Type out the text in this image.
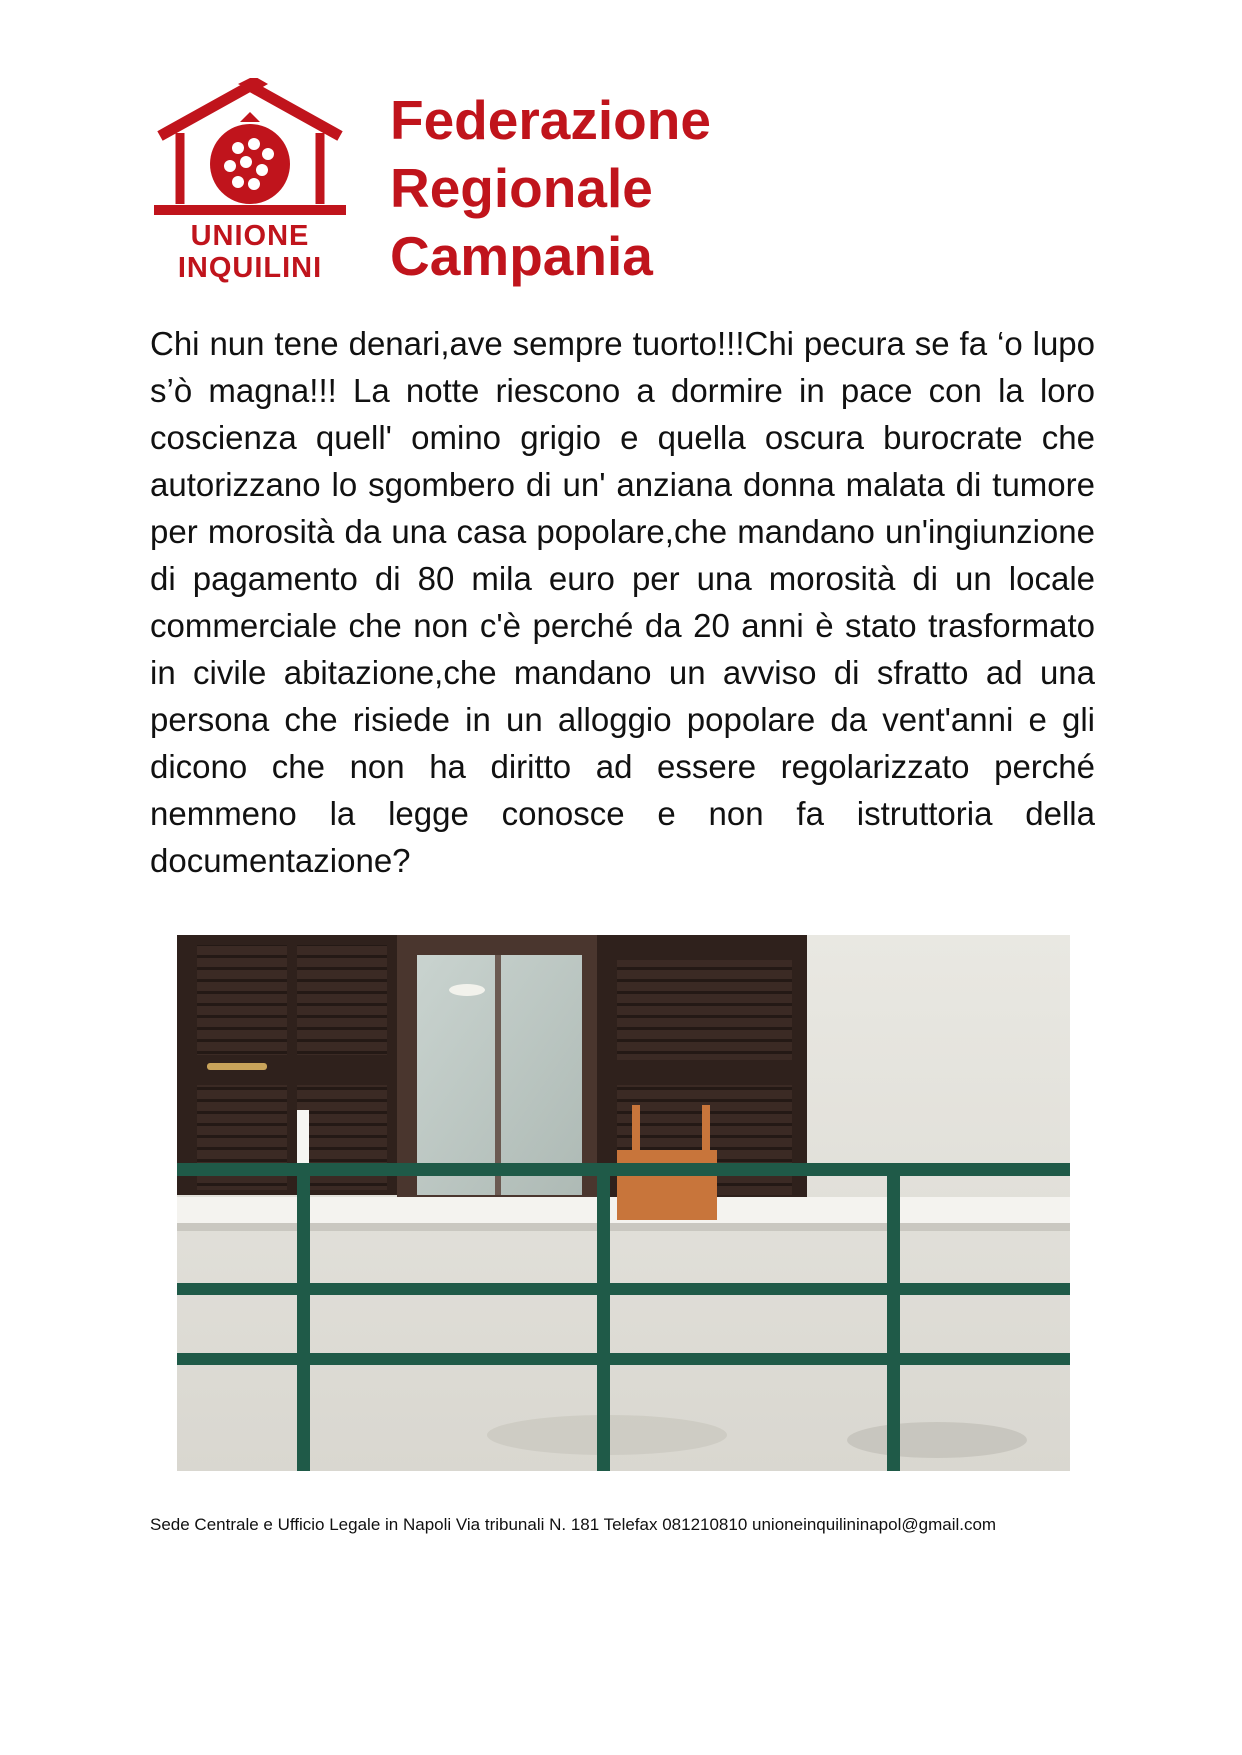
UNIONE
INQUILINI
Federazione
Regionale
Campania
Chi nun tene denari,ave sempre tuorto!!!Chi pecura se fa ‘o lupo s’ò magna!!! La notte riescono a dormire in pace con la loro coscienza quell' omino grigio e quella oscura burocrate che autorizzano lo sgombero di un' anziana donna malata di tumore per morosità da una casa popolare,che mandano un'ingiunzione di pagamento di 80 mila euro per una morosità di un locale commerciale che non c'è perché da 20 anni è stato trasformato in civile abitazione,che mandano un avviso di sfratto ad una persona che risiede in un alloggio popolare da vent'anni e gli dicono che non ha diritto ad essere regolarizzato perché nemmeno la legge conosce e non fa istruttoria della documentazione?
Sede Centrale e Ufficio Legale in Napoli Via tribunali N. 181 Telefax 081210810 unioneinquilininapol@gmail.com
